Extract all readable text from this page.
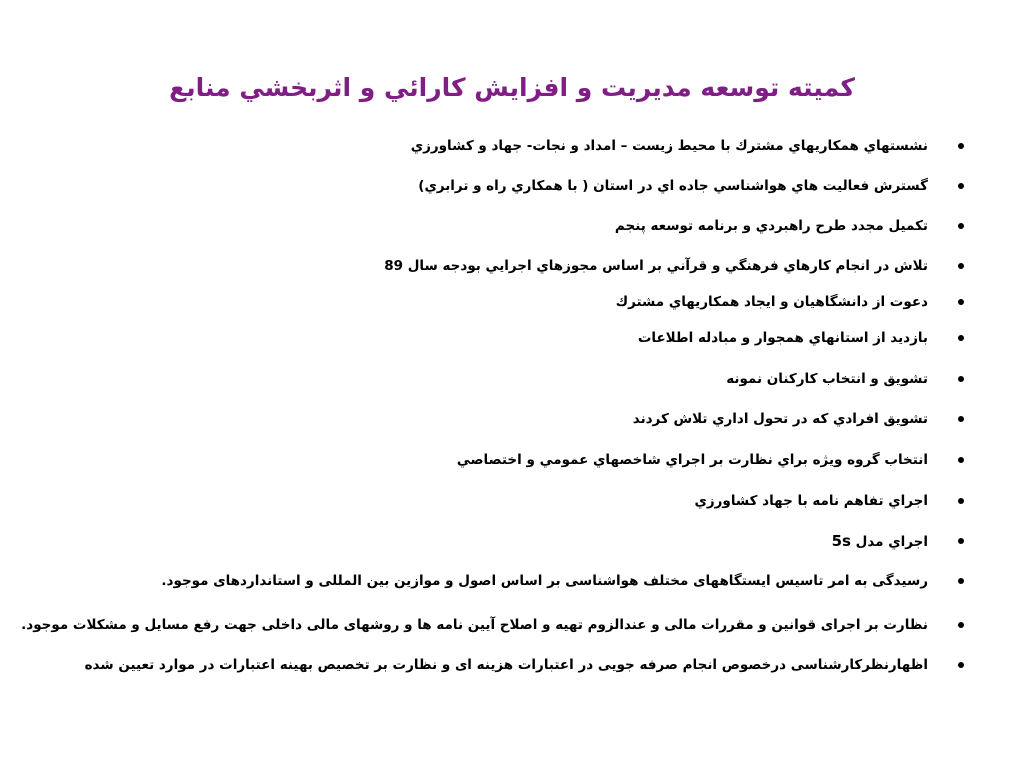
كميته توسعه مديريت و افزايش كارائي و اثربخشي منابع
نشستهاي همكاريهاي مشترك با محيط زيست – امداد و نجات- جهاد و كشاورزي
گسترش فعاليت هاي هواشناسي جاده اي در استان ( با همكاري راه و ترابري)
تكميل مجدد طرح راهبردي و برنامه توسعه پنجم
تلاش در انجام كارهاي فرهنگي و قرآني بر اساس مجوزهاي اجرايي بودجه سال 89
دعوت از دانشگاهيان و ايجاد همكاريهاي مشترك
بازديد از استانهاي همجوار و مبادله اطلاعات
تشويق و انتخاب كاركنان نمونه
تشويق افرادي كه در تحول اداري تلاش كردند
انتخاب گروه ويژه براي نظارت بر اجراي شاخصهاي عمومي و اختصاصي
اجراي تفاهم نامه با جهاد كشاورزي
اجراي مدل 5s
رسیدگی به امر تاسیس ایستگاههای مختلف هواشناسی بر اساس اصول و موازین بین المللی و استانداردهای موجود.
نظارت بر اجرای قوانین و مقررات مالی و عندالزوم تهیه و اصلاح آیین نامه ها و روشهای مالی داخلی جهت رفع مسایل و مشکلات موجود.
اظهارنظرکارشناسی درخصوص انجام صرفه جویی در اعتبارات هزینه ای و نظارت بر تخصیص بهینه اعتبارات در موارد تعیین شده
